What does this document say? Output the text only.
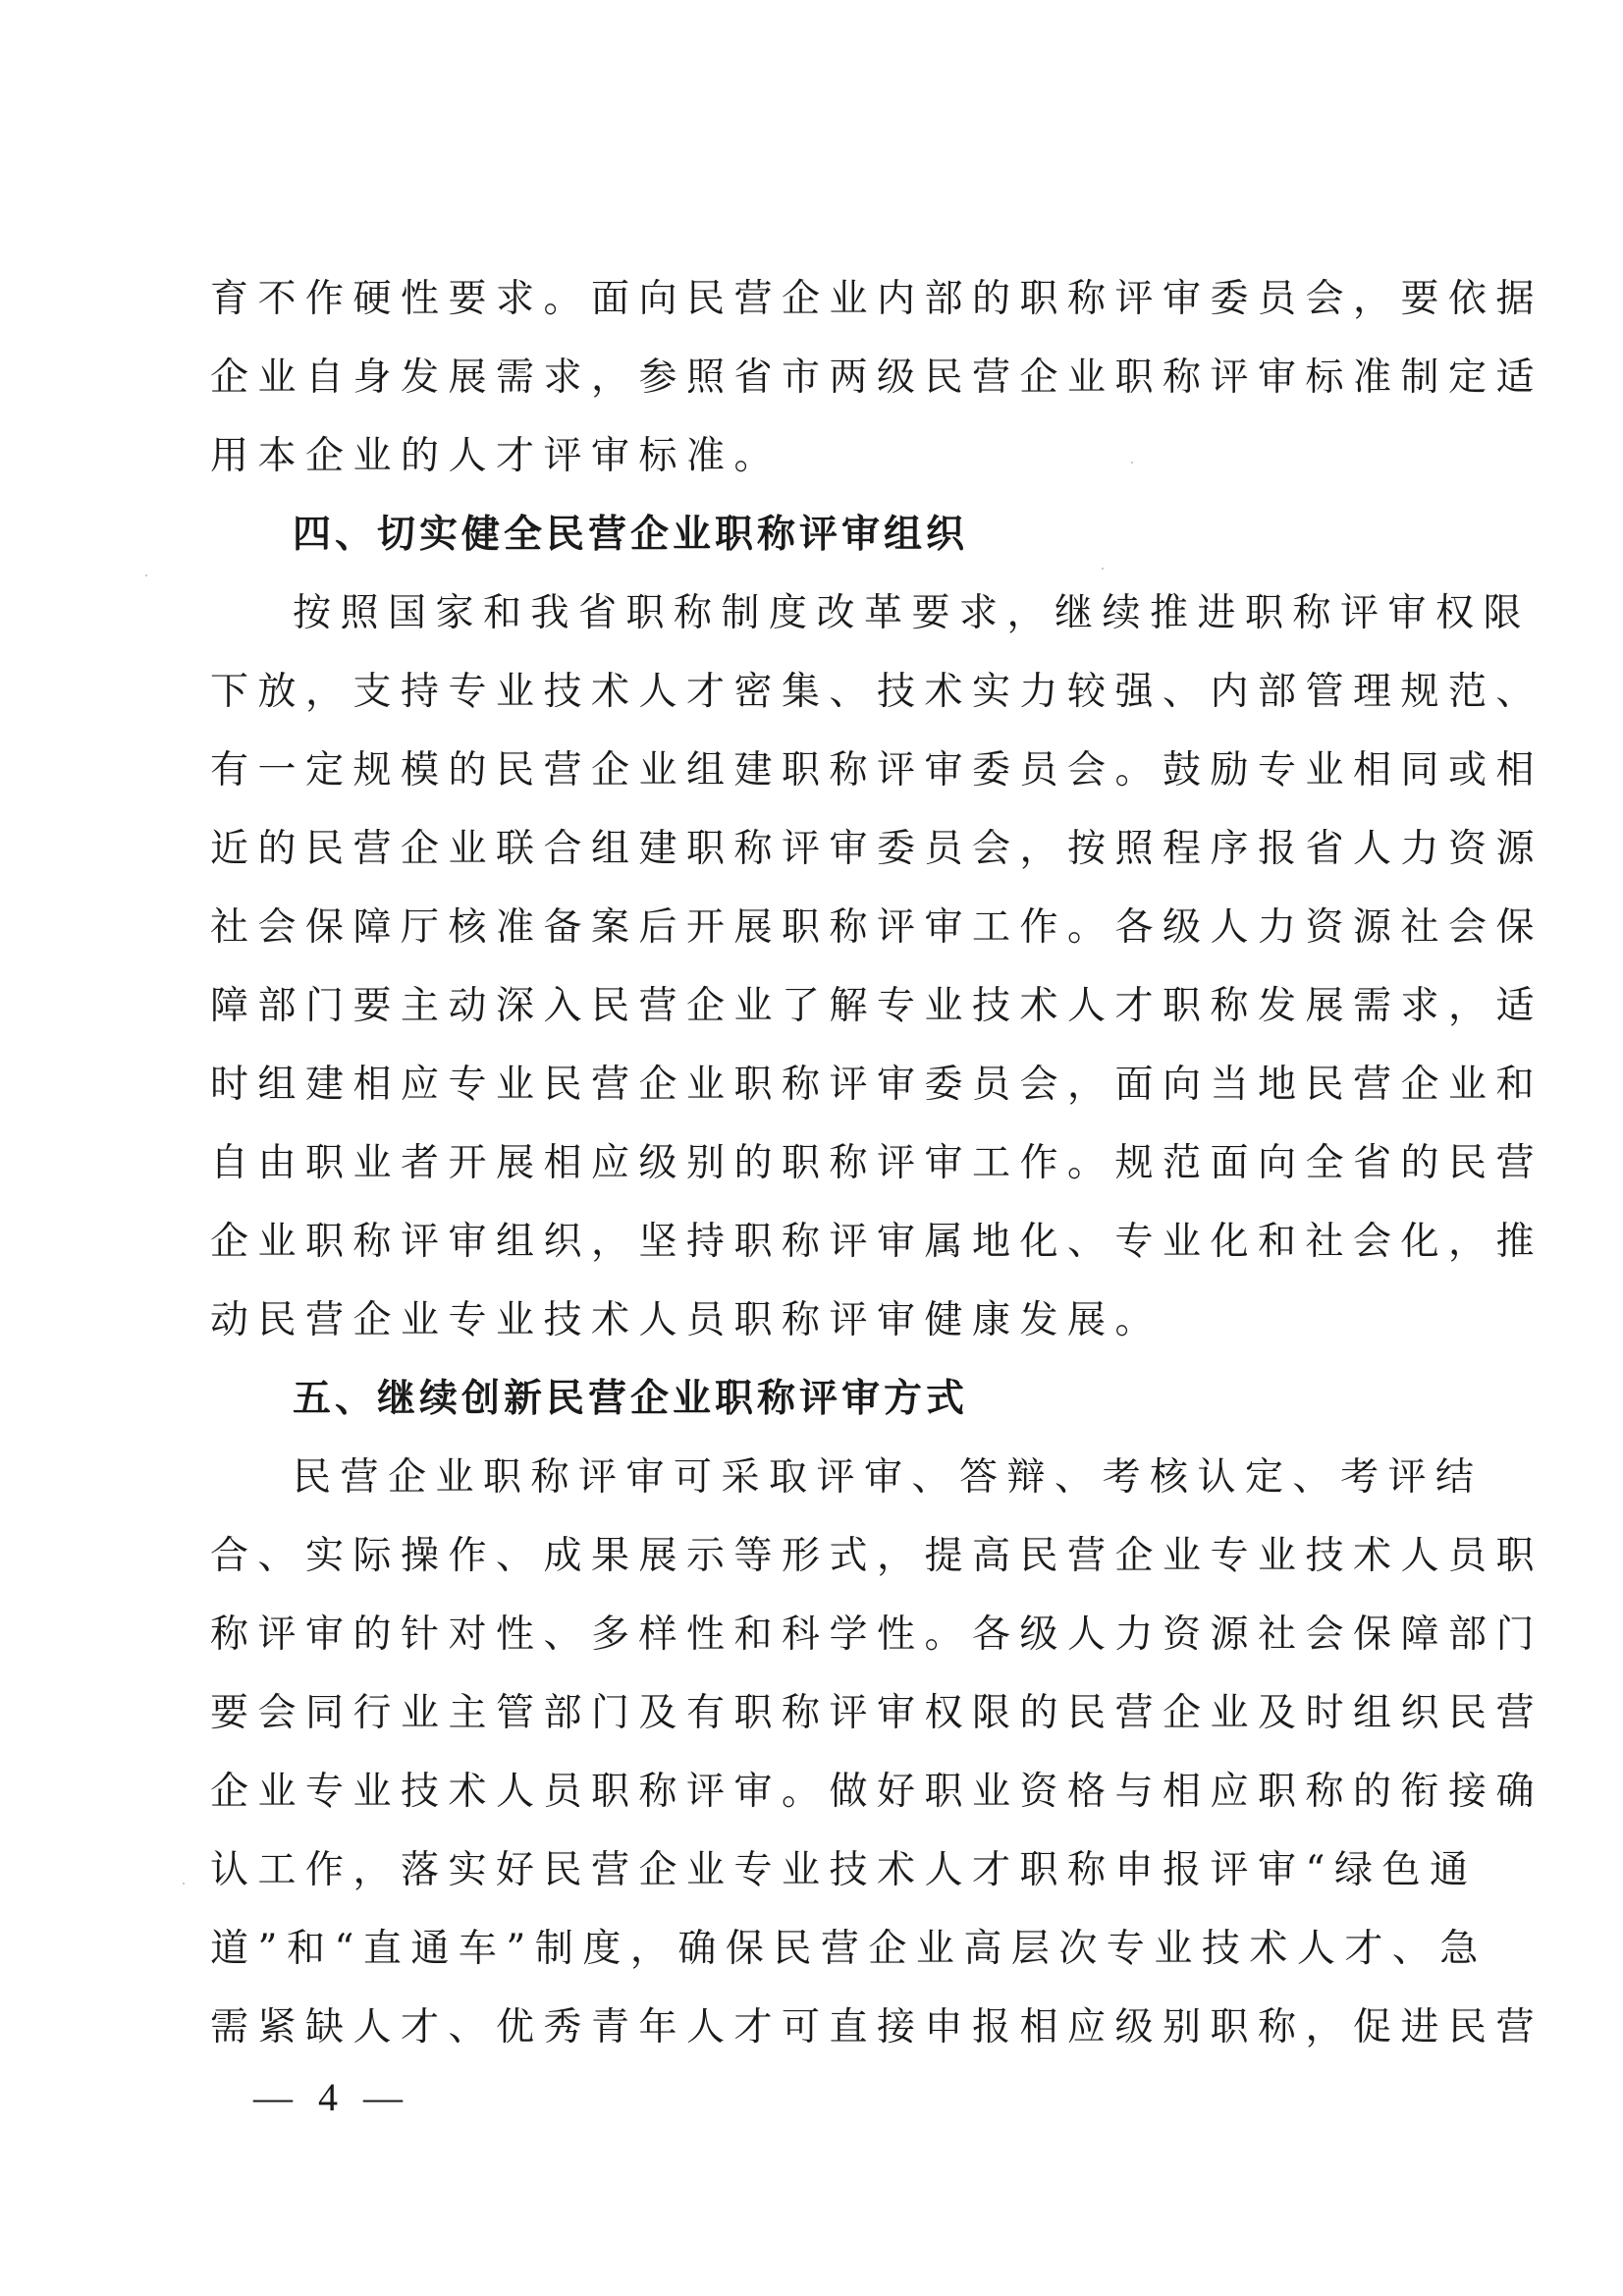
育不作硬性要求。面向民营企业内部的职称评审委员会，要依据
企业自身发展需求，参照省市两级民营企业职称评审标准制定适
用本企业的人才评审标准。
四、切实健全民营企业职称评审组织
按照国家和我省职称制度改革要求，继续推进职称评审权限
下放，支持专业技术人才密集、技术实力较强、内部管理规范、
有一定规模的民营企业组建职称评审委员会。鼓励专业相同或相
近的民营企业联合组建职称评审委员会，按照程序报省人力资源
社会保障厅核准备案后开展职称评审工作。各级人力资源社会保
障部门要主动深入民营企业了解专业技术人才职称发展需求，适
时组建相应专业民营企业职称评审委员会，面向当地民营企业和
自由职业者开展相应级别的职称评审工作。规范面向全省的民营
企业职称评审组织，坚持职称评审属地化、专业化和社会化，推
动民营企业专业技术人员职称评审健康发展。
五、继续创新民营企业职称评审方式
民营企业职称评审可采取评审、答辩、考核认定、考评结
合、实际操作、成果展示等形式，提高民营企业专业技术人员职
称评审的针对性、多样性和科学性。各级人力资源社会保障部门
要会同行业主管部门及有职称评审权限的民营企业及时组织民营
企业专业技术人员职称评审。做好职业资格与相应职称的衔接确
认工作，落实好民营企业专业技术人才职称申报评审“绿色通
道”和“直通车”制度，确保民营企业高层次专业技术人才、急
需紧缺人才、优秀青年人才可直接申报相应级别职称，促进民营
— 4 —
